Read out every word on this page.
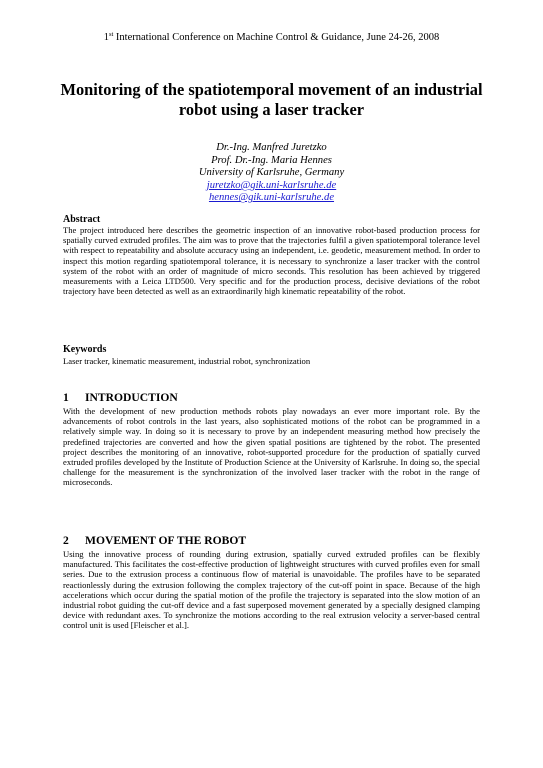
1st International Conference on Machine Control & Guidance, June 24-26, 2008
Monitoring of the spatiotemporal movement of an industrial robot using a laser tracker
Dr.-Ing. Manfred Juretzko
Prof. Dr.-Ing. Maria Hennes
University of Karlsruhe, Germany
juretzko@gik.uni-karlsruhe.de
hennes@gik.uni-karlsruhe.de
Abstract
The project introduced here describes the geometric inspection of an innovative robot-based production process for spatially curved extruded profiles. The aim was to prove that the trajectories fulfil a given spatiotemporal tolerance level with respect to repeatability and absolute accuracy using an independent, i.e. geodetic, measurement method. In order to inspect this motion regarding spatiotemporal tolerance, it is necessary to synchronize a laser tracker with the control system of the robot with an order of magnitude of micro seconds. This resolution has been achieved by triggered measurements with a Leica LTD500. Very specific and for the production process, decisive deviations of the robot trajectory have been detected as well as an extraordinarily high kinematic repeatability of the robot.
Keywords
Laser tracker, kinematic measurement, industrial robot, synchronization
1 INTRODUCTION
With the development of new production methods robots play nowadays an ever more important role. By the advancements of robot controls in the last years, also sophisticated motions of the robot can be programmed in a relatively simple way. In doing so it is necessary to prove by an independent measuring method how precisely the predefined trajectories are converted and how the given spatial positions are tightened by the robot. The presented project describes the monitoring of an innovative, robot-supported procedure for the production of spatially curved extruded profiles developed by the Institute of Production Science at the University of Karlsruhe. In doing so, the special challenge for the measurement is the synchronization of the involved laser tracker with the robot in the range of microseconds.
2 MOVEMENT OF THE ROBOT
Using the innovative process of rounding during extrusion, spatially curved extruded profiles can be flexibly manufactured. This facilitates the cost-effective production of lightweight structures with curved profiles even for small series. Due to the extrusion process a continuous flow of material is unavoidable. The profiles have to be separated reactionlessly during the extrusion following the complex trajectory of the cut-off point in space. Because of the high accelerations which occur during the spatial motion of the profile the trajectory is separated into the slow motion of an industrial robot guiding the cut-off device and a fast superposed movement generated by a specially designed clamping device with redundant axes. To synchronize the motions according to the real extrusion velocity a server-based central control unit is used [Fleischer et al.].
